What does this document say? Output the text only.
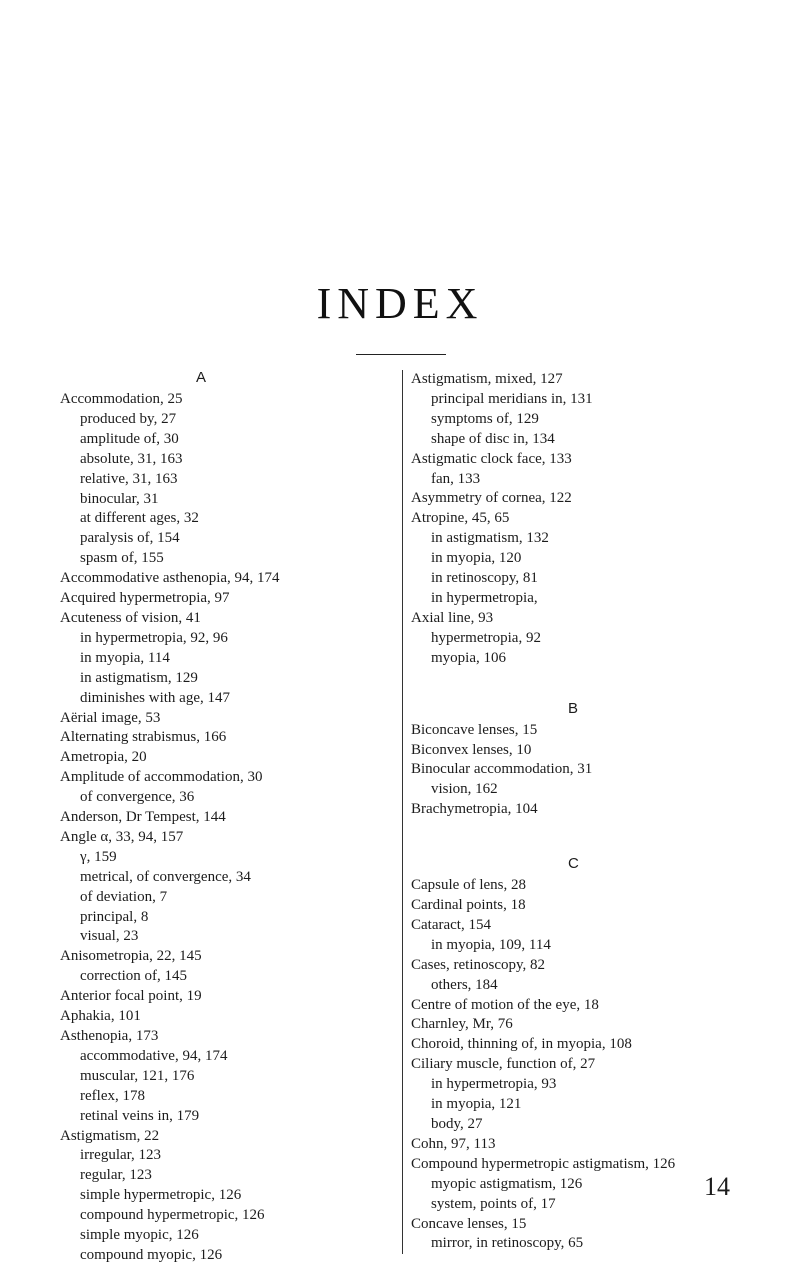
INDEX
A
Accommodation, 25
produced by, 27
amplitude of, 30
absolute, 31, 163
relative, 31, 163
binocular, 31
at different ages, 32
paralysis of, 154
spasm of, 155
Accommodative asthenopia, 94, 174
Acquired hypermetropia, 97
Acuteness of vision, 41
in hypermetropia, 92, 96
in myopia, 114
in astigmatism, 129
diminishes with age, 147
Aërial image, 53
Alternating strabismus, 166
Ametropia, 20
Amplitude of accommodation, 30
of convergence, 36
Anderson, Dr Tempest, 144
Angle α, 33, 94, 157
γ, 159
metrical, of convergence, 34
of deviation, 7
principal, 8
visual, 23
Anisometropia, 22, 145
correction of, 145
Anterior focal point, 19
Aphakia, 101
Asthenopia, 173
accommodative, 94, 174
muscular, 121, 176
reflex, 178
retinal veins in, 179
Astigmatism, 22
irregular, 123
regular, 123
simple hypermetropic, 126
compound hypermetropic, 126
simple myopic, 126
compound myopic, 126
Astigmatism, mixed, 127
principal meridians in, 131
symptoms of, 129
shape of disc in, 134
Astigmatic clock face, 133
fan, 133
Asymmetry of cornea, 122
Atropine, 45, 65
in astigmatism, 132
in myopia, 120
in retinoscopy, 81
in hypermetropia,
Axial line, 93
hypermetropia, 92
myopia, 106
B
Biconcave lenses, 15
Biconvex lenses, 10
Binocular accommodation, 31
vision, 162
Brachymetropia, 104
C
Capsule of lens, 28
Cardinal points, 18
Cataract, 154
in myopia, 109, 114
Cases, retinoscopy, 82
others, 184
Centre of motion of the eye, 18
Charnley, Mr, 76
Choroid, thinning of, in myopia, 108
Ciliary muscle, function of, 27
in hypermetropia, 93
in myopia, 121
body, 27
Cohn, 97, 113
Compound hypermetropic astigmatism, 126
myopic astigmatism, 126
system, points of, 17
Concave lenses, 15
mirror, in retinoscopy, 65
14
